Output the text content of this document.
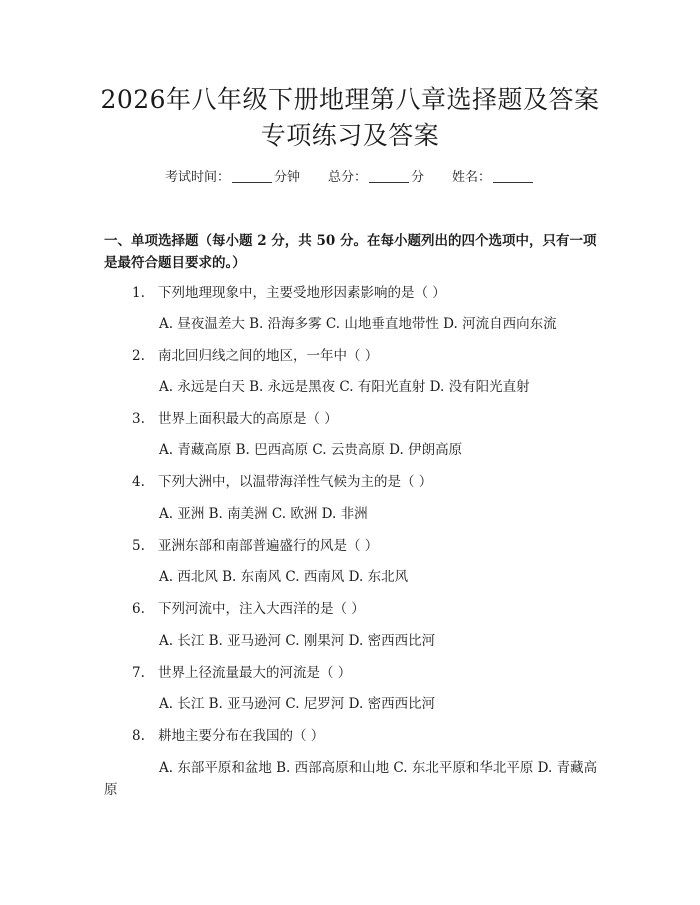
2026年八年级下册地理第八章选择题及答案
专项练习及答案
考试时间：	分钟 总分：	分 姓名：
一、单项选择题（每小题 2 分，共 50 分。在每小题列出的四个选项中，只有一项是最符合题目要求的。）
1. 下列地理现象中，主要受地形因素影响的是（ ）
A. 昼夜温差大 B. 沿海多雾 C. 山地垂直地带性 D. 河流自西向东流
2. 南北回归线之间的地区，一年中（ ）
A. 永远是白天 B. 永远是黑夜 C. 有阳光直射 D. 没有阳光直射
3. 世界上面积最大的高原是（ ）
A. 青藏高原 B. 巴西高原 C. 云贵高原 D. 伊朗高原
4. 下列大洲中，以温带海洋性气候为主的是（ ）
A. 亚洲 B. 南美洲 C. 欧洲 D. 非洲
5. 亚洲东部和南部普遍盛行的风是（ ）
A. 西北风 B. 东南风 C. 西南风 D. 东北风
6. 下列河流中，注入大西洋的是（ ）
A. 长江 B. 亚马逊河 C. 刚果河 D. 密西西比河
7. 世界上径流量最大的河流是（ ）
A. 长江 B. 亚马逊河 C. 尼罗河 D. 密西西比河
8. 耕地主要分布在我国的（ ）
A. 东部平原和盆地 B. 西部高原和山地 C. 东北平原和华北平原 D. 青藏高原
